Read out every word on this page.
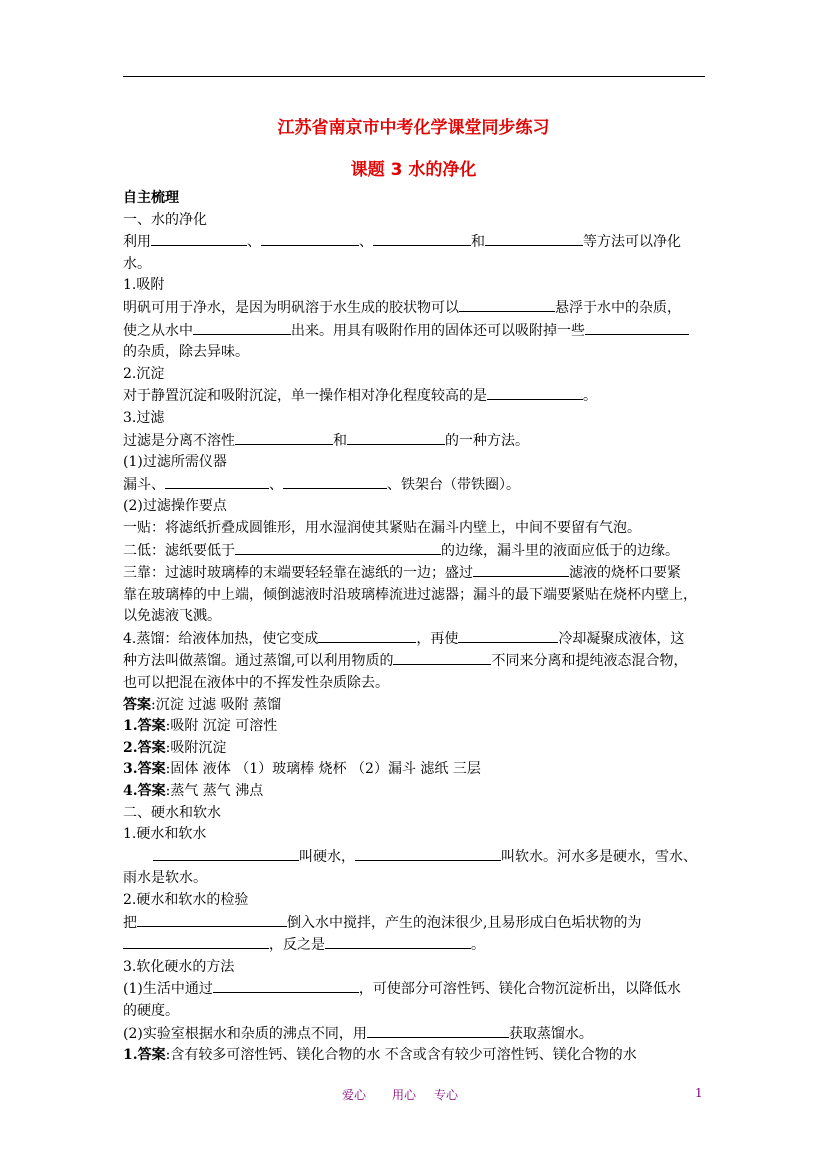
江苏省南京市中考化学课堂同步练习
课题 3 水的净化

自主梳理

一、水的净化

利用	、	、	和	等方法可以净化

水。

1.吸附

明矾可用于净水，是因为明矾溶于水生成的胶状物可以	悬浮于水中的杂质，

使之从水中	出来。用具有吸附作用的固体还可以吸附掉一些

的杂质，除去异味。

2.沉淀

对于静置沉淀和吸附沉淀，单一操作相对净化程度较高的是	。

3.过滤

过滤是分离不溶性	和	的一种方法。

(1)过滤所需仪器

漏斗、	、	、铁架台（带铁圈）。

(2)过滤操作要点

一贴：将滤纸折叠成圆锥形，用水湿润使其紧贴在漏斗内壁上，中间不要留有气泡。

二低：滤纸要低于	的边缘，漏斗里的液面应低于的边缘。

三靠：过滤时玻璃棒的末端要轻轻靠在滤纸的一边；盛过	滤液的烧杯口要紧

靠在玻璃棒的中上端，倾倒滤液时沿玻璃棒流进过滤器；漏斗的最下端要紧贴在烧杯内壁上，

以免滤液飞溅。

4.蒸馏：给液体加热，使它变成	，再使	冷却凝聚成液体，这

种方法叫做蒸馏。通过蒸馏,可以利用物质的	不同来分离和提纯液态混合物，

也可以把混在液体中的不挥发性杂质除去。

答案:沉淀 过滤 吸附 蒸馏

1.答案:吸附 沉淀 可溶性

2.答案:吸附沉淀

3.答案:固体 液体 （1）玻璃棒 烧杯 （2）漏斗 滤纸 三层

4.答案:蒸气 蒸气 沸点

二、硬水和软水

1.硬水和软水

叫硬水，	叫软水。河水多是硬水，雪水、

雨水是软水。

2.硬水和软水的检验

把	倒入水中搅拌，产生的泡沫很少,且易形成白色垢状物的为

，反之是	。

3.软化硬水的方法

(1)生活中通过	，可使部分可溶性钙、镁化合物沉淀析出，以降低水

的硬度。

(2)实验室根据水和杂质的沸点不同，用	获取蒸馏水。

1.答案:含有较多可溶性钙、镁化合物的水 不含或含有较少可溶性钙、镁化合物的水

爱心 用心 专心	1
